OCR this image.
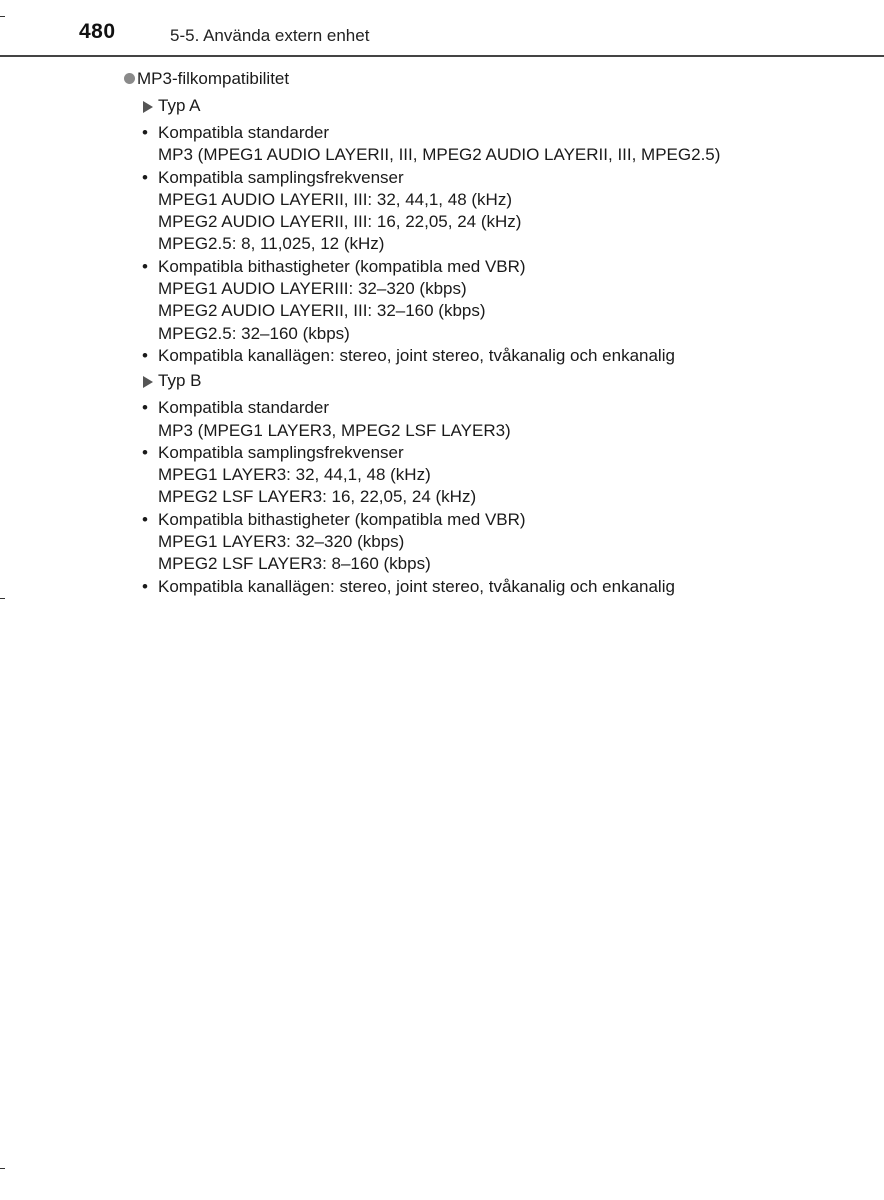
480	5-5. Använda extern enhet
MP3-filkompatibilitet
Typ A
• Kompatibla standarder
MP3 (MPEG1 AUDIO LAYERII, III, MPEG2 AUDIO LAYERII, III, MPEG2.5)
• Kompatibla samplingsfrekvenser
MPEG1 AUDIO LAYERII, III: 32, 44,1, 48 (kHz)
MPEG2 AUDIO LAYERII, III: 16, 22,05, 24 (kHz)
MPEG2.5: 8, 11,025, 12 (kHz)
• Kompatibla bithastigheter (kompatibla med VBR)
MPEG1 AUDIO LAYERIII: 32–320 (kbps)
MPEG2 AUDIO LAYERII, III: 32–160 (kbps)
MPEG2.5: 32–160 (kbps)
• Kompatibla kanallägen: stereo, joint stereo, tvåkanalig och enkanalig
Typ B
• Kompatibla standarder
MP3 (MPEG1 LAYER3, MPEG2 LSF LAYER3)
• Kompatibla samplingsfrekvenser
MPEG1 LAYER3: 32, 44,1, 48 (kHz)
MPEG2 LSF LAYER3: 16, 22,05, 24 (kHz)
• Kompatibla bithastigheter (kompatibla med VBR)
MPEG1 LAYER3: 32–320 (kbps)
MPEG2 LSF LAYER3: 8–160 (kbps)
• Kompatibla kanallägen: stereo, joint stereo, tvåkanalig och enkanalig
